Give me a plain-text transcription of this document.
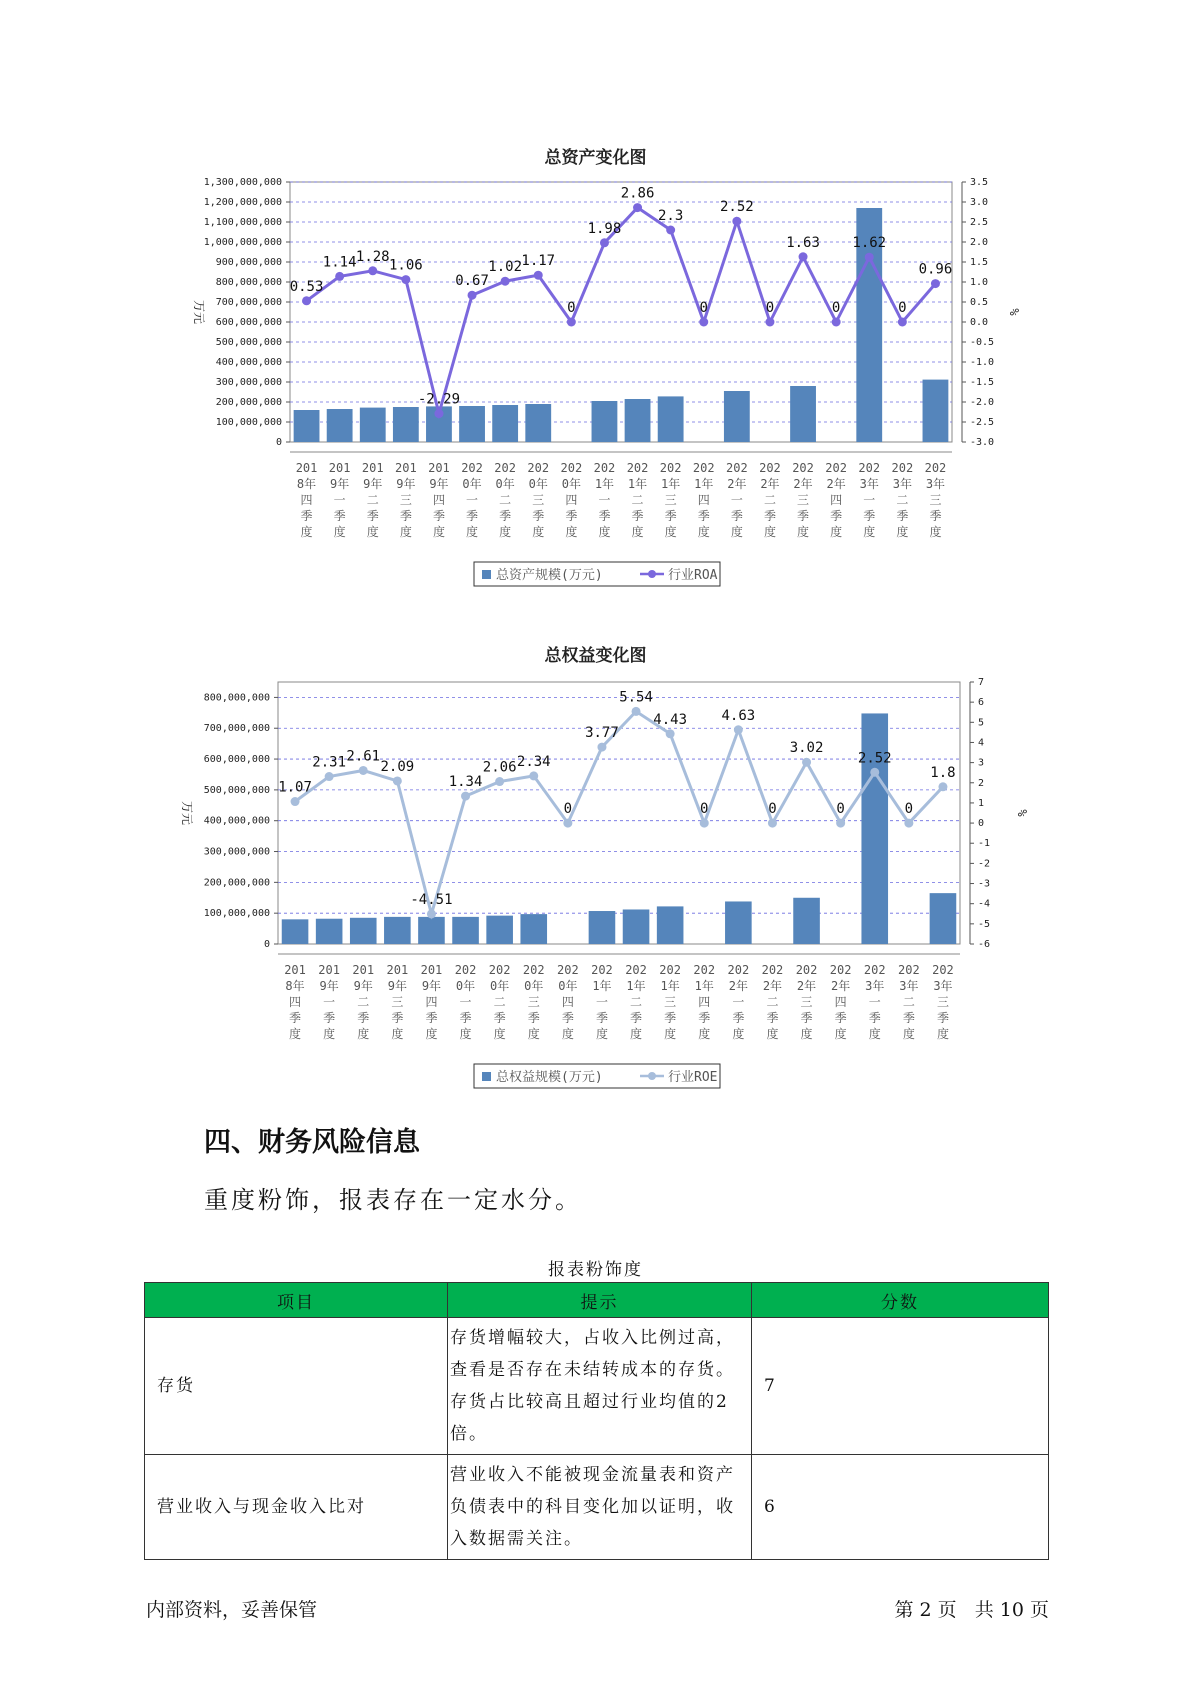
总资产变化图
1,300,000,000
1,200,000,000
1,100,000,000
1,000,000,000
900,000,000
800,000,000
700,000,000
600,000,000
500,000,000
400,000,000
300,000,000
200,000,000
100,000,000
0
3.5
3.0
2.5
2.0
1.5
1.0
0.5
0.0
-0.5
-1.0
-1.5
-2.0
-2.5
-3.0
万元	%
0.53
1.14 1.28
1.06
-2.29
0.67
1.02 1.17
0
1.98
2.86
2.3
0
2.52
0
1.63
0
1.62
0
0.96
201
8年
四
季
度
201
9年
一
季
度
201
9年
二
季
度
201
9年
三
季
度
201
9年
四
季
度
202
0年
一
季
度
202
0年
二
季
度
202
0年
三
季
度
202
0年
四
季
度
202
1年
一
季
度
202
1年
二
季
度
202
1年
三
季
度
202
1年
四
季
度
202
2年
一
季
度
202
2年
二
季
度
202
2年
三
季
度
202
2年
四
季
度
202
3年
一
季
度
202
3年
二
季
度
202
3年
三
季
度
总资产规模(万元)	行业ROA
总权益变化图
800,000,000
700,000,000
600,000,000
500,000,000
400,000,000
300,000,000
200,000,000
100,000,000
0
7
6
5
4
3
2
1
0
-1
-2
-3
-4
-5
-6
万元	%
1.07
2.31 2.61
2.09
-4.51
1.34
2.06 2.34
0
3.77
5.54
4.43
0
4.63
0
3.02
0
2.52
0
1.8
201
8年
四
季
度
201
9年
一
季
度
201
9年
二
季
度
201
9年
三
季
度
201
9年
四
季
度
202
0年
一
季
度
202
0年
二
季
度
202
0年
三
季
度
202
0年
四
季
度
202
1年
一
季
度
202
1年
二
季
度
202
1年
三
季
度
202
1年
四
季
度
202
2年
一
季
度
202
2年
二
季
度
202
2年
三
季
度
202
2年
四
季
度
202
3年
一
季
度
202
3年
二
季
度
202
3年
三
季
度
总权益规模(万元)	行业ROE
四、财务风险信息
重度粉饰，报表存在一定水分。
报表粉饰度
项目	提示	分数
存货	存货增幅较大，占收入比例过高，查看是否存在未结转成本的存货。存货占比较高且超过行业均值的2倍。	7
营业收入与现金收入比对	营业收入不能被现金流量表和资产负债表中的科目变化加以证明，收入数据需关注。	6
内部资料，妥善保管	第 2 页   共 10 页
